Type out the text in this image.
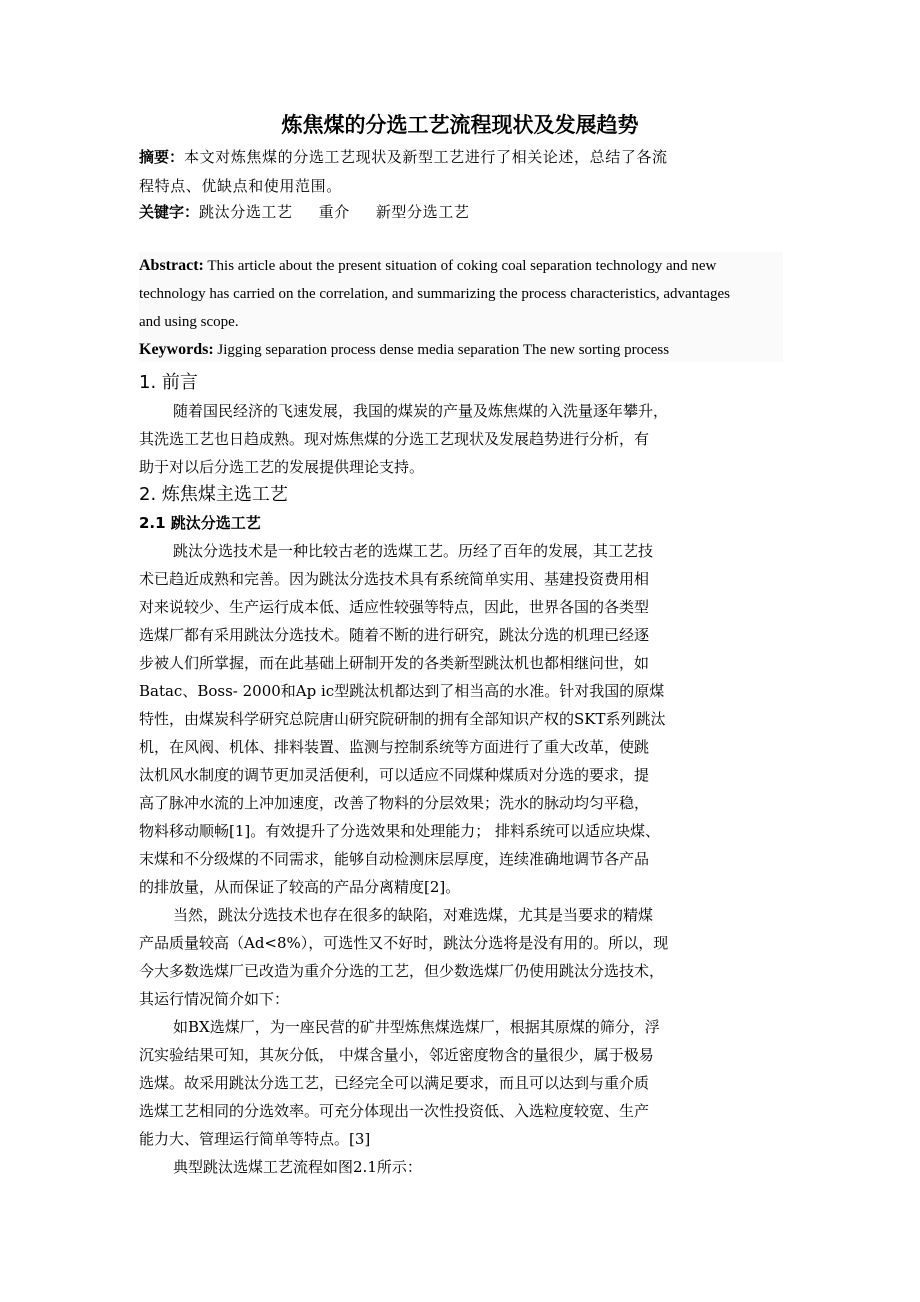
炼焦煤的分选工艺流程现状及发展趋势
摘要：本文对炼焦煤的分选工艺现状及新型工艺进行了相关论述，总结了各流
程特点、优缺点和使用范围。
关键字：跳汰分选工艺 重介 新型分选工艺
Abstract: This article about the present situation of coking coal separation technology and new
technology has carried on the correlation, and summarizing the process characteristics, advantages
and using scope.
Keywords: Jigging separation process dense media separation The new sorting process
1. 前言
随着国民经济的飞速发展，我国的煤炭的产量及炼焦煤的入洗量逐年攀升，
其洗选工艺也日趋成熟。现对炼焦煤的分选工艺现状及发展趋势进行分析，有
助于对以后分选工艺的发展提供理论支持。
2. 炼焦煤主选工艺
2.1 跳汰分选工艺
跳汰分选技术是一种比较古老的选煤工艺。历经了百年的发展，其工艺技
术已趋近成熟和完善。因为跳汰分选技术具有系统简单实用、基建投资费用相
对来说较少、生产运行成本低、适应性较强等特点，因此，世界各国的各类型
选煤厂都有采用跳汰分选技术。随着不断的进行研究，跳汰分选的机理已经逐
步被人们所掌握，而在此基础上研制开发的各类新型跳汰机也都相继问世，如
Batac、Boss- 2000和Ap ic型跳汰机都达到了相当高的水准。针对我国的原煤
特性，由煤炭科学研究总院唐山研究院研制的拥有全部知识产权的SKT系列跳汰
机，在风阀、机体、排料装置、监测与控制系统等方面进行了重大改革，使跳
汰机风水制度的调节更加灵活便利，可以适应不同煤种煤质对分选的要求，提
高了脉冲水流的上冲加速度，改善了物料的分层效果；洗水的脉动均匀平稳，
物料移动顺畅[1]。有效提升了分选效果和处理能力； 排料系统可以适应块煤、
末煤和不分级煤的不同需求，能够自动检测床层厚度，连续准确地调节各产品
的排放量，从而保证了较高的产品分离精度[2]。
当然，跳汰分选技术也存在很多的缺陷，对难选煤，尤其是当要求的精煤
产品质量较高（Ad<8%），可选性又不好时，跳汰分选将是没有用的。所以，现
今大多数选煤厂已改造为重介分选的工艺，但少数选煤厂仍使用跳汰分选技术，
其运行情况简介如下：
如BX选煤厂，为一座民营的矿井型炼焦煤选煤厂，根据其原煤的筛分，浮
沉实验结果可知，其灰分低， 中煤含量小，邻近密度物含的量很少，属于极易
选煤。故采用跳汰分选工艺，已经完全可以满足要求，而且可以达到与重介质
选煤工艺相同的分选效率。可充分体现出一次性投资低、入选粒度较宽、生产
能力大、管理运行简单等特点。[3]
典型跳汰选煤工艺流程如图2.1所示：
